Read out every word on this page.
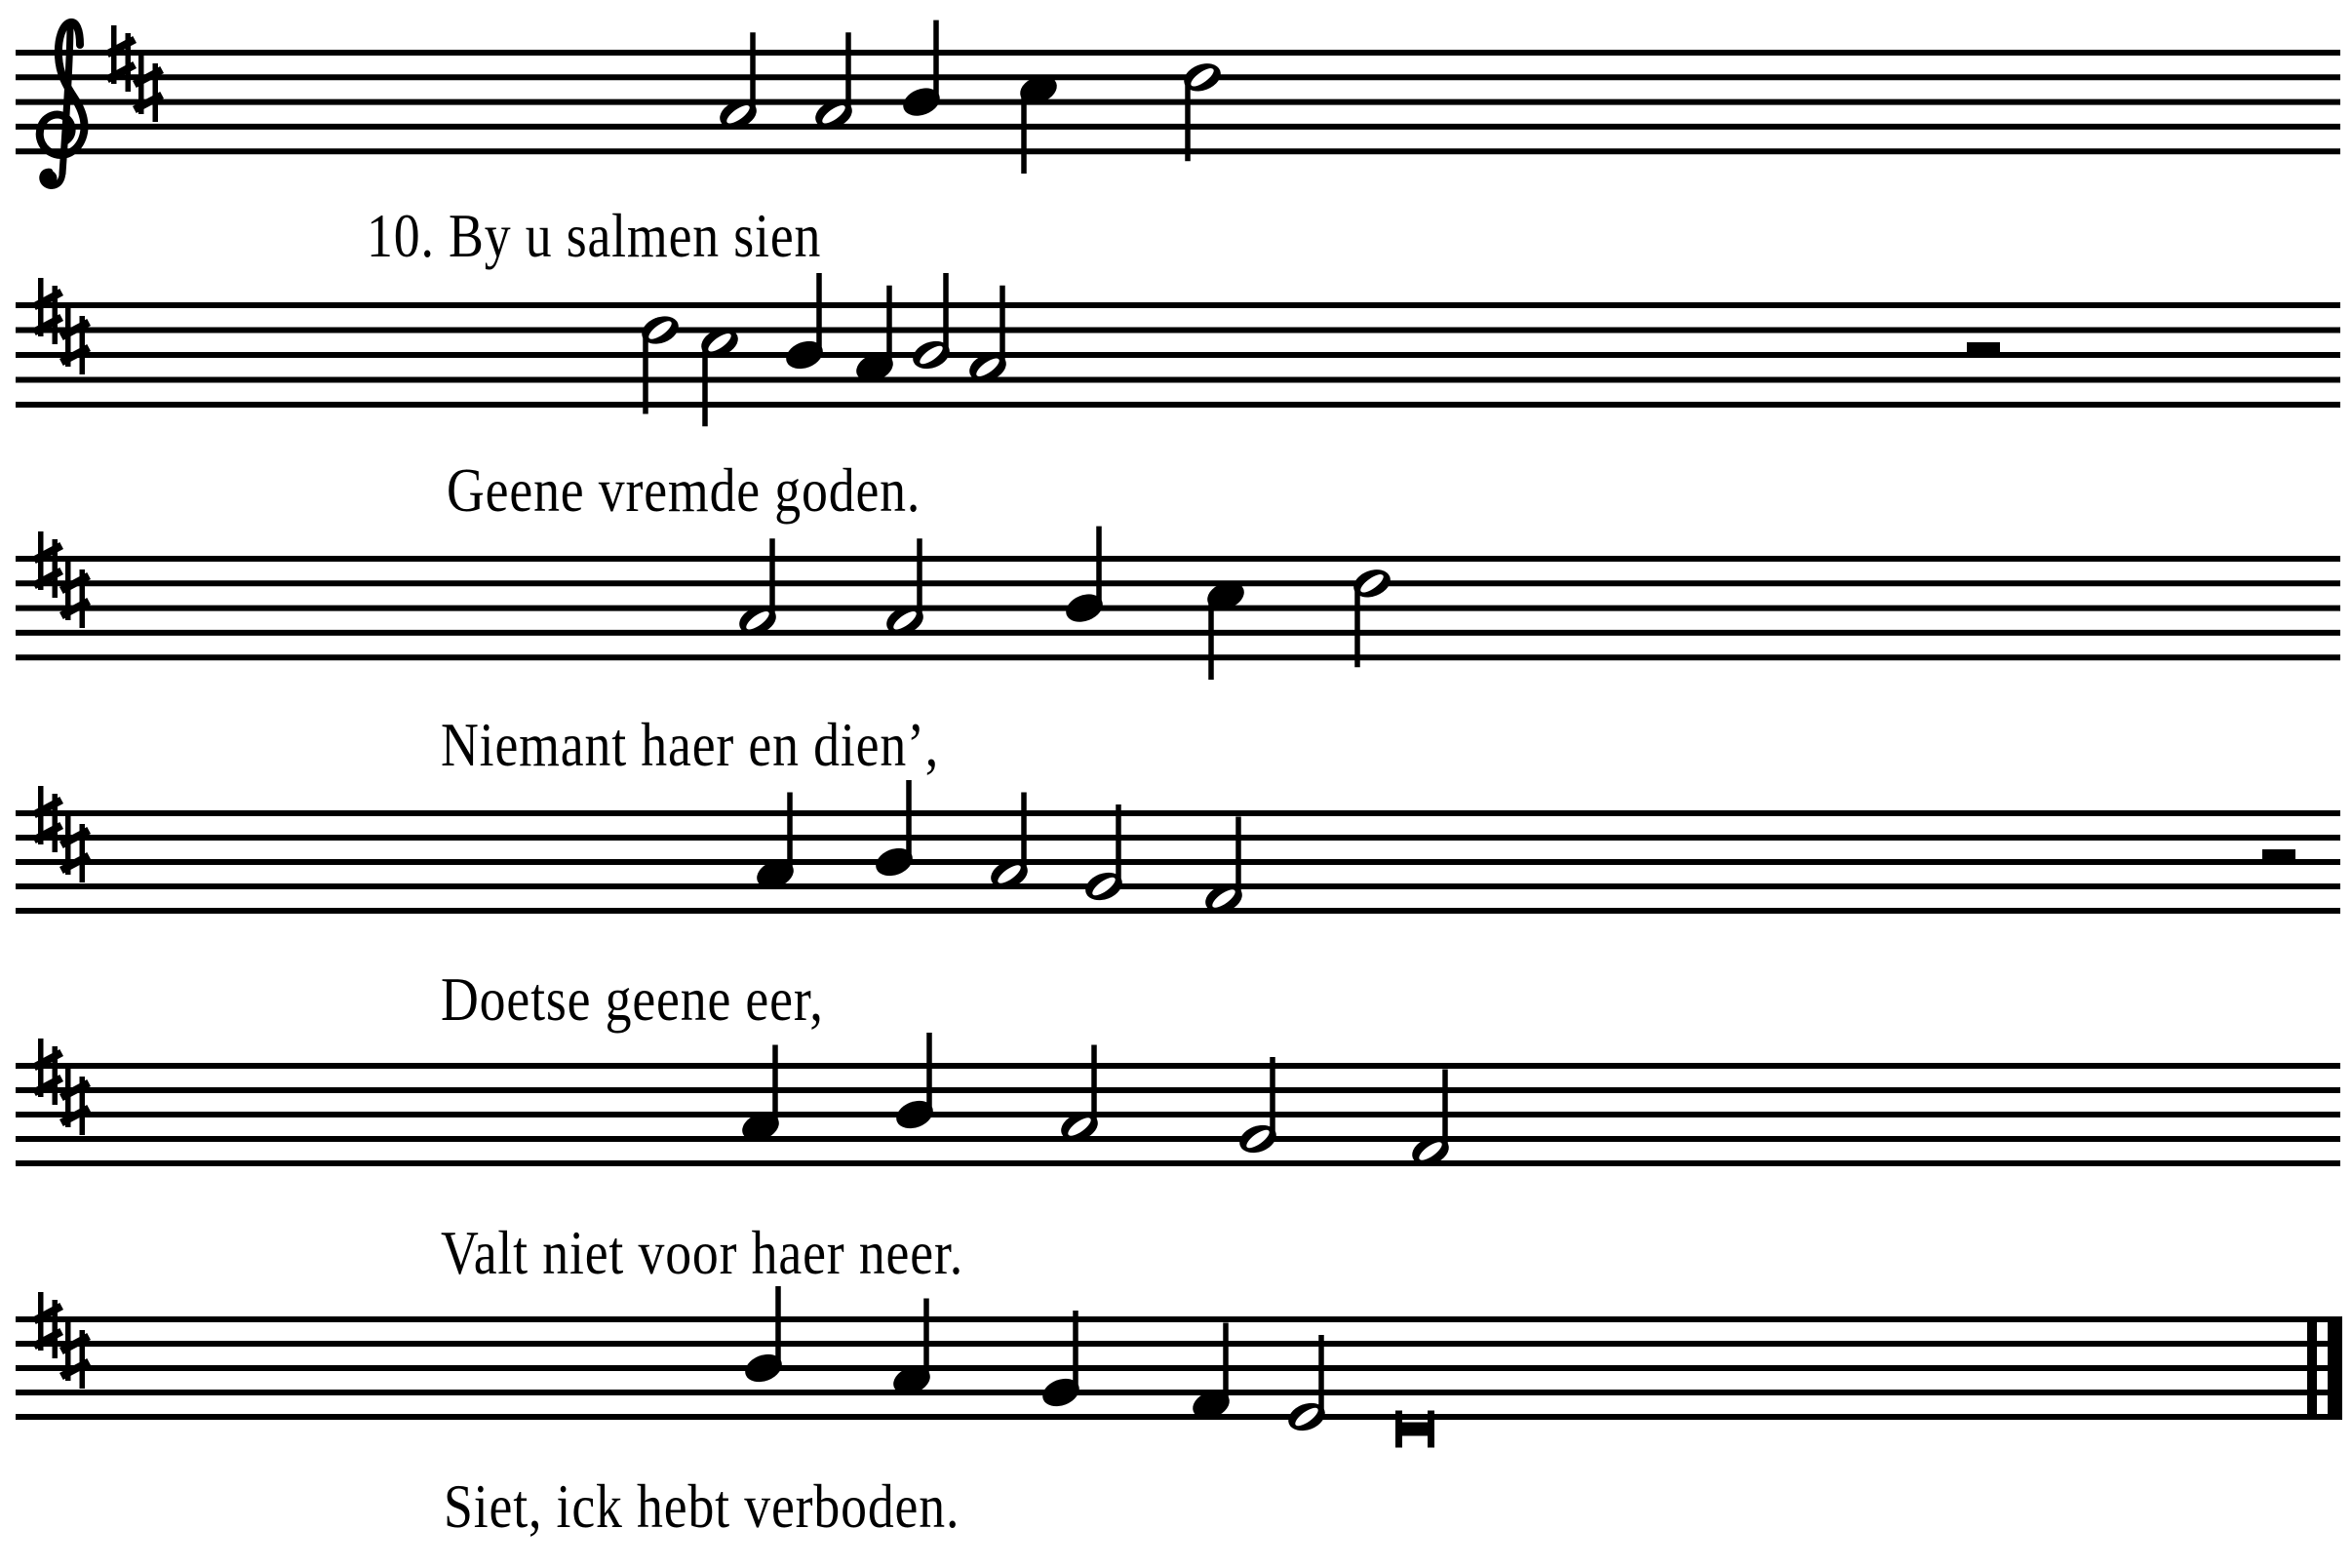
10. By u salmen sien
Geene vremde goden.
Niemant haer en dien’,
Doetse geene eer,
Valt niet voor haer neer.
Siet, ick hebt verboden.
